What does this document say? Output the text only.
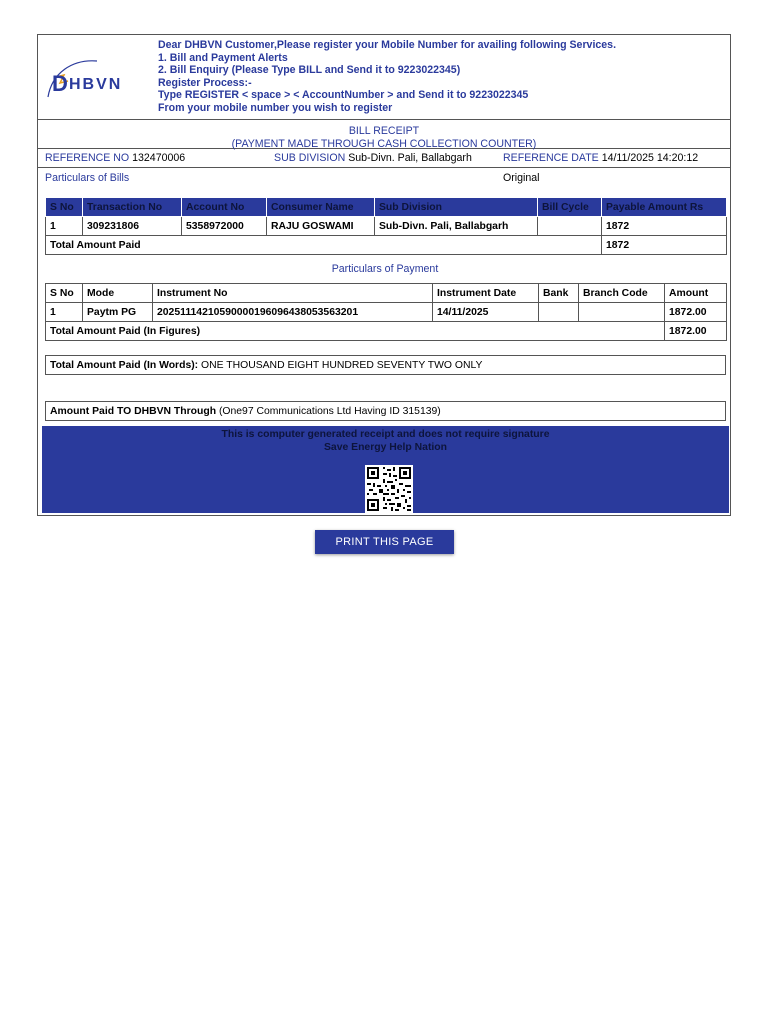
D HBVN
Dear DHBVN Customer,Please register your Mobile Number for availing following Services.
1. Bill and Payment Alerts
2. Bill Enquiry (Please Type BILL and Send it to 9223022345)
Register Process:-
Type REGISTER < space > < AccountNumber > and Send it to 9223022345
From your mobile number you wish to register
BILL RECEIPT
(PAYMENT MADE THROUGH CASH COLLECTION COUNTER)
REFERENCE NO 132470006	SUB DIVISION Sub-Divn. Pali, Ballabgarh	REFERENCE DATE 14/11/2025 14:20:12
Particulars of Bills	Original
S No	Transaction No	Account No	Consumer Name	Sub Division	Bill Cycle	Payable Amount Rs
1	309231806	5358972000	RAJU GOSWAMI	Sub-Divn. Pali, Ballabgarh		1872
Total Amount Paid						1872
Particulars of Payment
S No	Mode	Instrument No	Instrument Date	Bank	Branch Code	Amount
1	Paytm PG	20251114210590000196096438053563201	14/11/2025			1872.00
Total Amount Paid (In Figures)						1872.00
Total Amount Paid (In Words): ONE THOUSAND EIGHT HUNDRED SEVENTY TWO ONLY
Amount Paid TO DHBVN Through (One97 Communications Ltd Having ID 315139)
This is computer generated receipt and does not require signature
Save Energy Help Nation
PRINT THIS PAGE
